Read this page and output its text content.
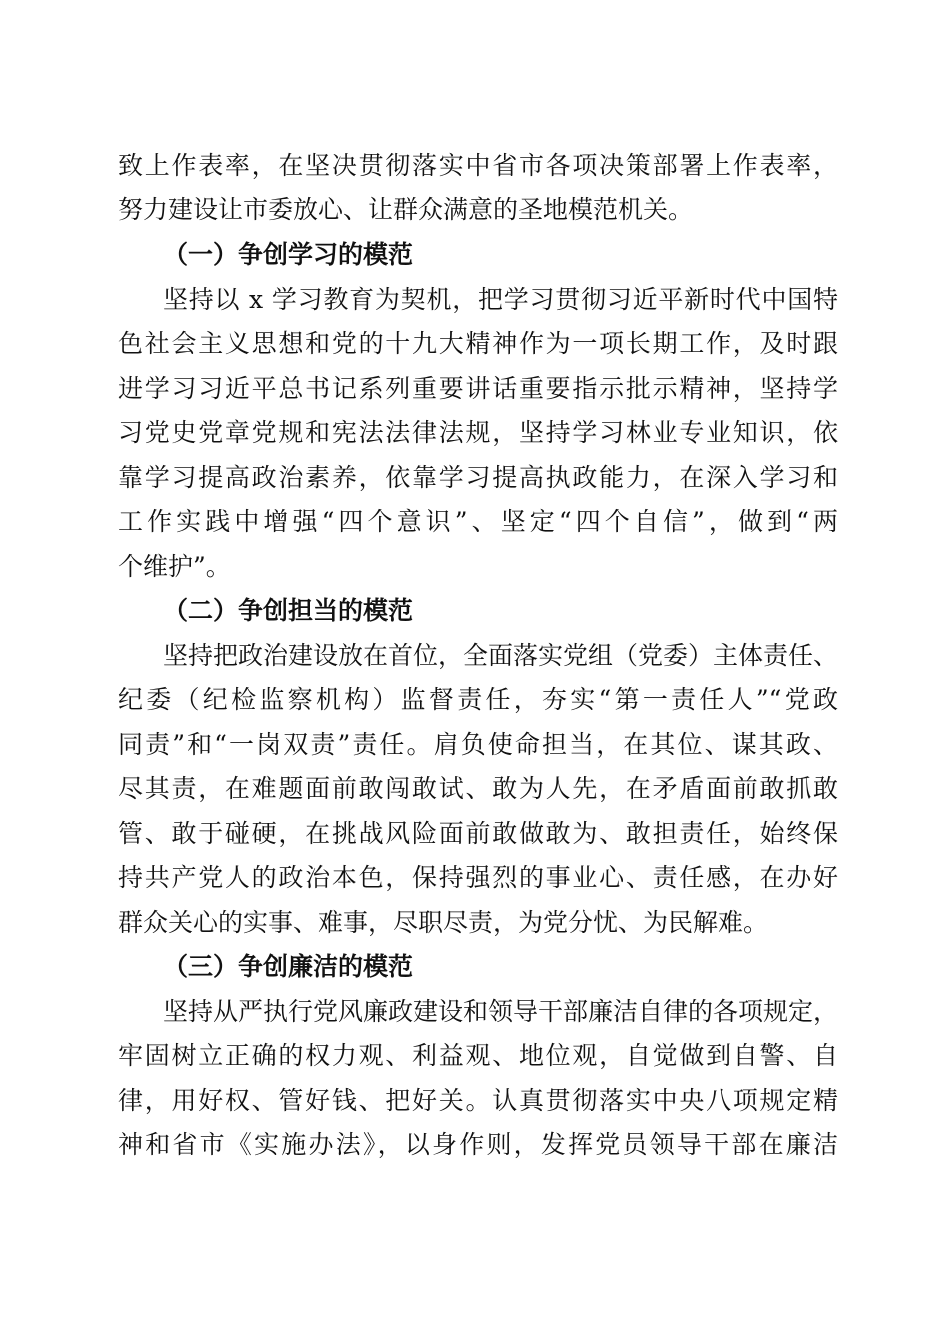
致上作表率，在坚决贯彻落实中省市各项决策部署上作表率，
努力建设让市委放心、让群众满意的圣地模范机关。
（一）争创学习的模范
坚持以 x 学习教育为契机，把学习贯彻习近平新时代中国特
色社会主义思想和党的十九大精神作为一项长期工作，及时跟
进学习习近平总书记系列重要讲话重要指示批示精神，坚持学
习党史党章党规和宪法法律法规，坚持学习林业专业知识，依
靠学习提高政治素养，依靠学习提高执政能力，在深入学习和
工作实践中增强“四个意识”、坚定“四个自信”，做到“两
个维护”。
（二）争创担当的模范
坚持把政治建设放在首位，全面落实党组（党委）主体责任、
纪委（纪检监察机构）监督责任，夯实“第一责任人”“党政
同责”和“一岗双责”责任。肩负使命担当，在其位、谋其政、
尽其责，在难题面前敢闯敢试、敢为人先，在矛盾面前敢抓敢
管、敢于碰硬，在挑战风险面前敢做敢为、敢担责任，始终保
持共产党人的政治本色，保持强烈的事业心、责任感，在办好
群众关心的实事、难事，尽职尽责，为党分忧、为民解难。
（三）争创廉洁的模范
坚持从严执行党风廉政建设和领导干部廉洁自律的各项规定，
牢固树立正确的权力观、利益观、地位观，自觉做到自警、自
律，用好权、管好钱、把好关。认真贯彻落实中央八项规定精
神和省市《实施办法》，以身作则，发挥党员领导干部在廉洁
